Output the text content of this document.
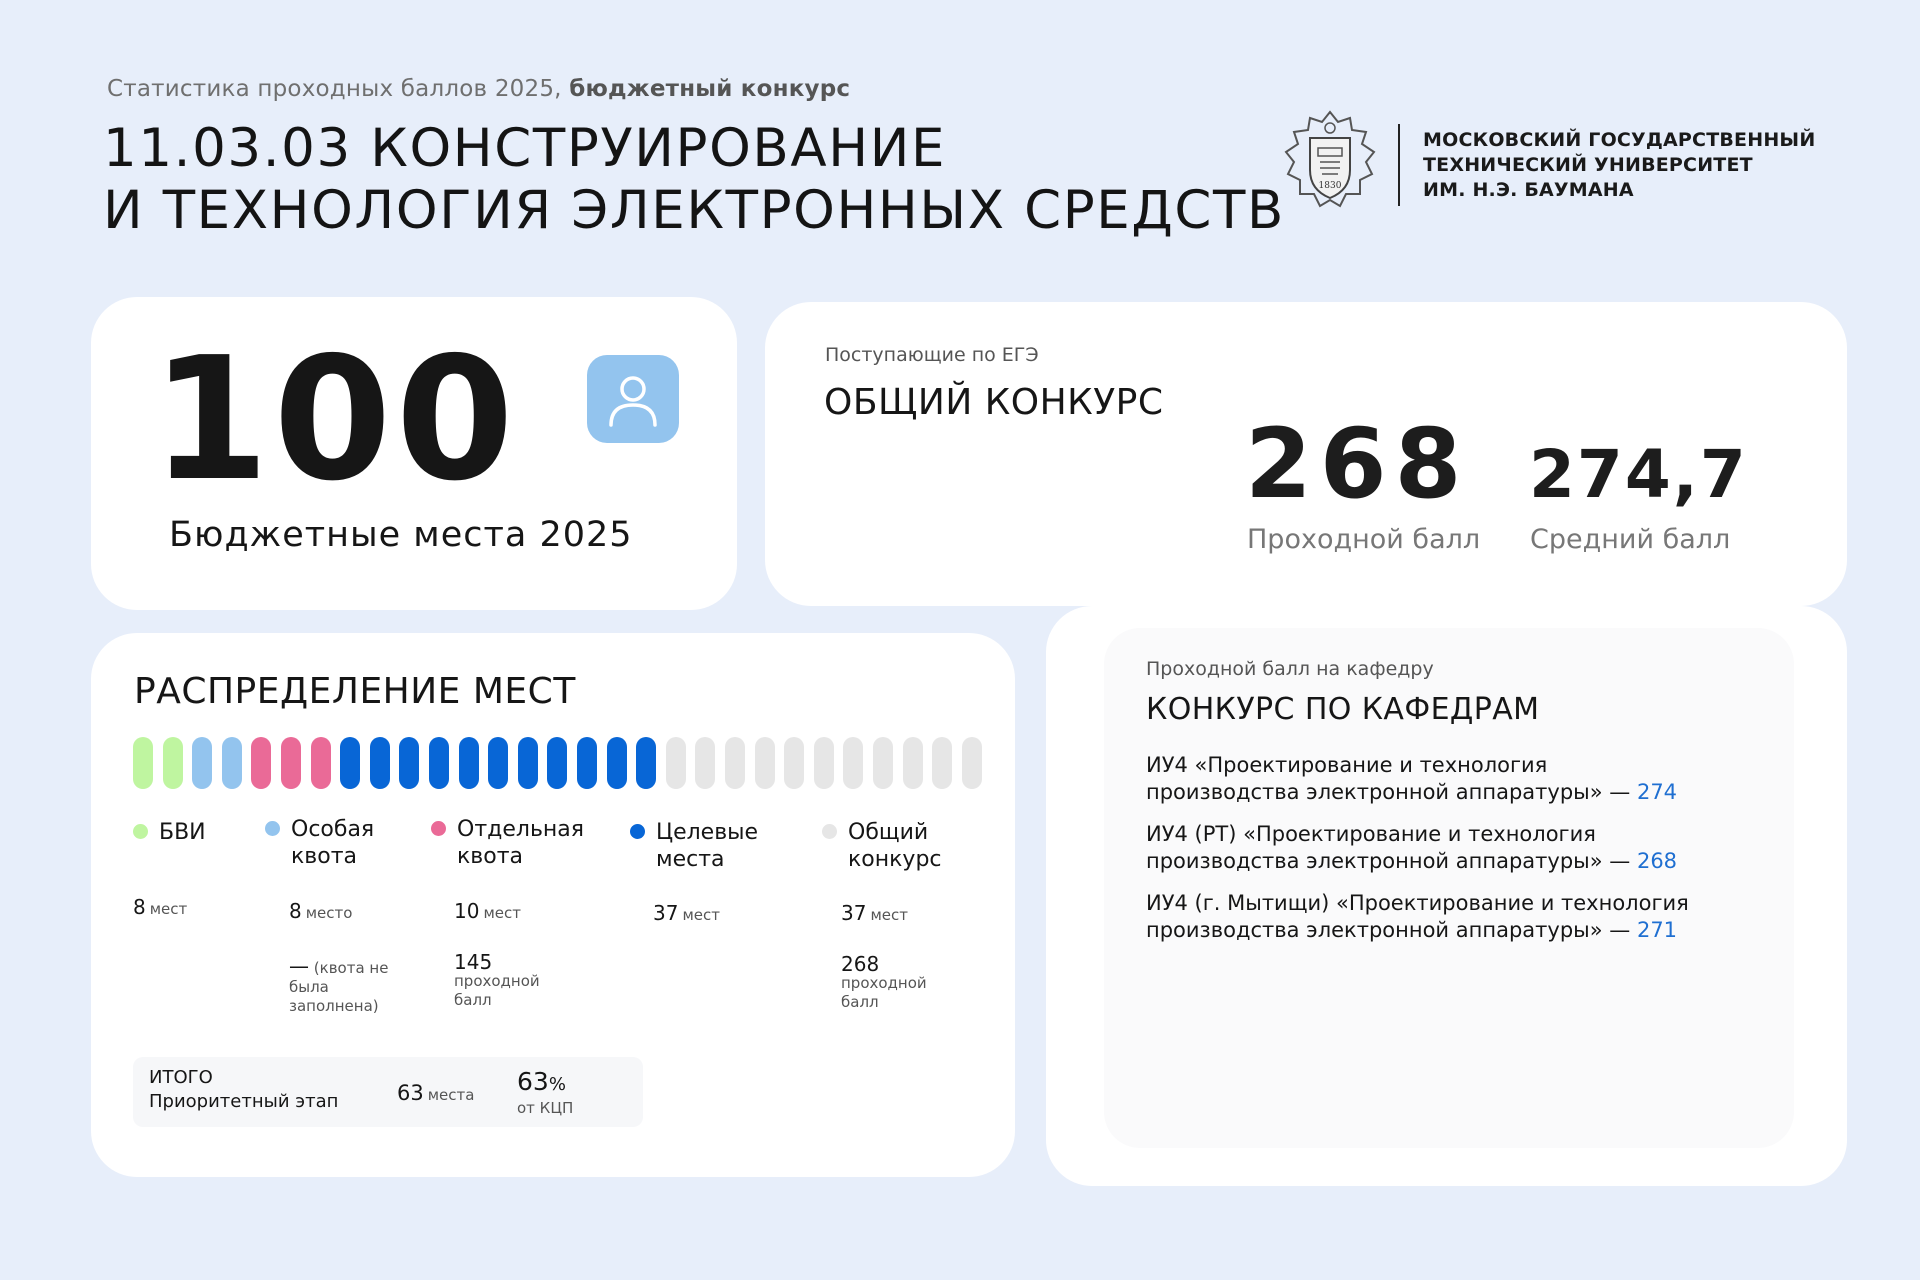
Статистика проходных баллов 2025, бюджетный конкурс
11.03.03 КОНСТРУИРОВАНИЕ
И ТЕХНОЛОГИЯ ЭЛЕКТРОННЫХ СРЕДСТВ	1830
МОСКОВСКИЙ ГОСУДАРСТВЕННЫЙ
ТЕХНИЧЕСКИЙ УНИВЕРСИТЕТ
ИМ. Н.Э. БАУМАНА
100
Бюджетные места 2025
Поступающие по ЕГЭ
ОБЩИЙ КОНКУРС
268
Проходной балл
274,7
Средний балл
Проходной балл на кафедру
КОНКУРС ПО КАФЕДРАМ
ИУ4 «Проектирование и технология
производства электронной аппаратуры» — 274
ИУ4 (РТ) «Проектирование и технология
производства электронной аппаратуры» — 268
ИУ4 (г. Мытищи) «Проектирование и технология
производства электронной аппаратуры» — 271
РАСПРЕДЕЛЕНИЕ МЕСТ
БВИ
8 мест
Особая
квота
8 место
— (квота не была заполнена)
Отдельная
квота
10 мест
145
проходной балл
Целевые
места
37 мест
Общий
конкурс
37 мест
268
проходной балл
ИТОГО
Приоритетный этап	63 места 63%
от КЦП
